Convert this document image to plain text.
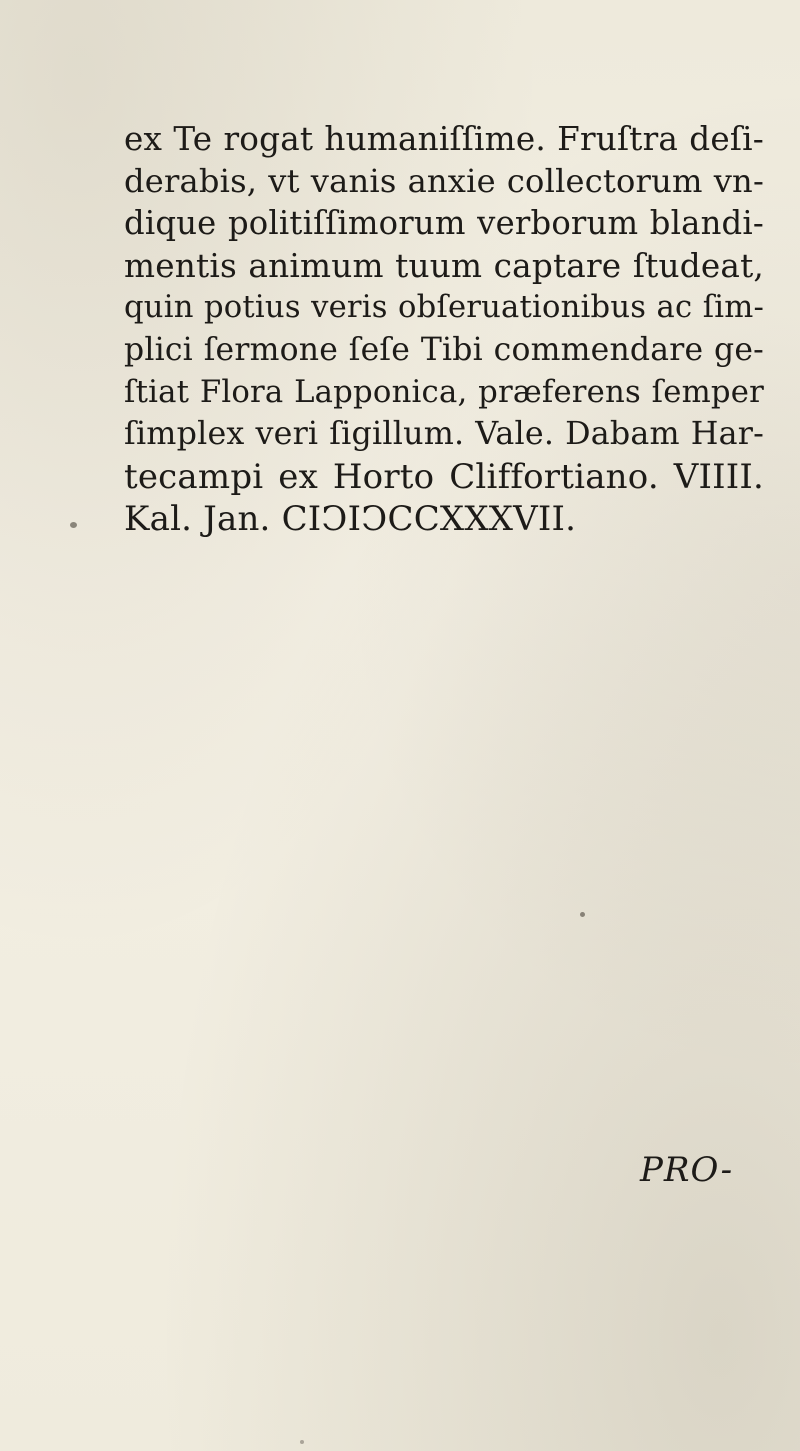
ex Te rogat humaniſſime. Fruſtra deſi-
derabis, vt vanis anxie collectorum vn-
dique politiſſimorum verborum blandi-
mentis animum tuum captare ſtudeat,
quin potius veris obſeruationibus ac ſim-
plici ſermone ſeſe Tibi commendare ge-
ſtiat Flora Lapponica, præferens ſemper
ſimplex veri ſigillum. Vale. Dabam Har-
tecampi ex Horto Cliffortiano. VIIII.
Kal. Jan. CIↃIↃCCXXXVII.
PRO-
